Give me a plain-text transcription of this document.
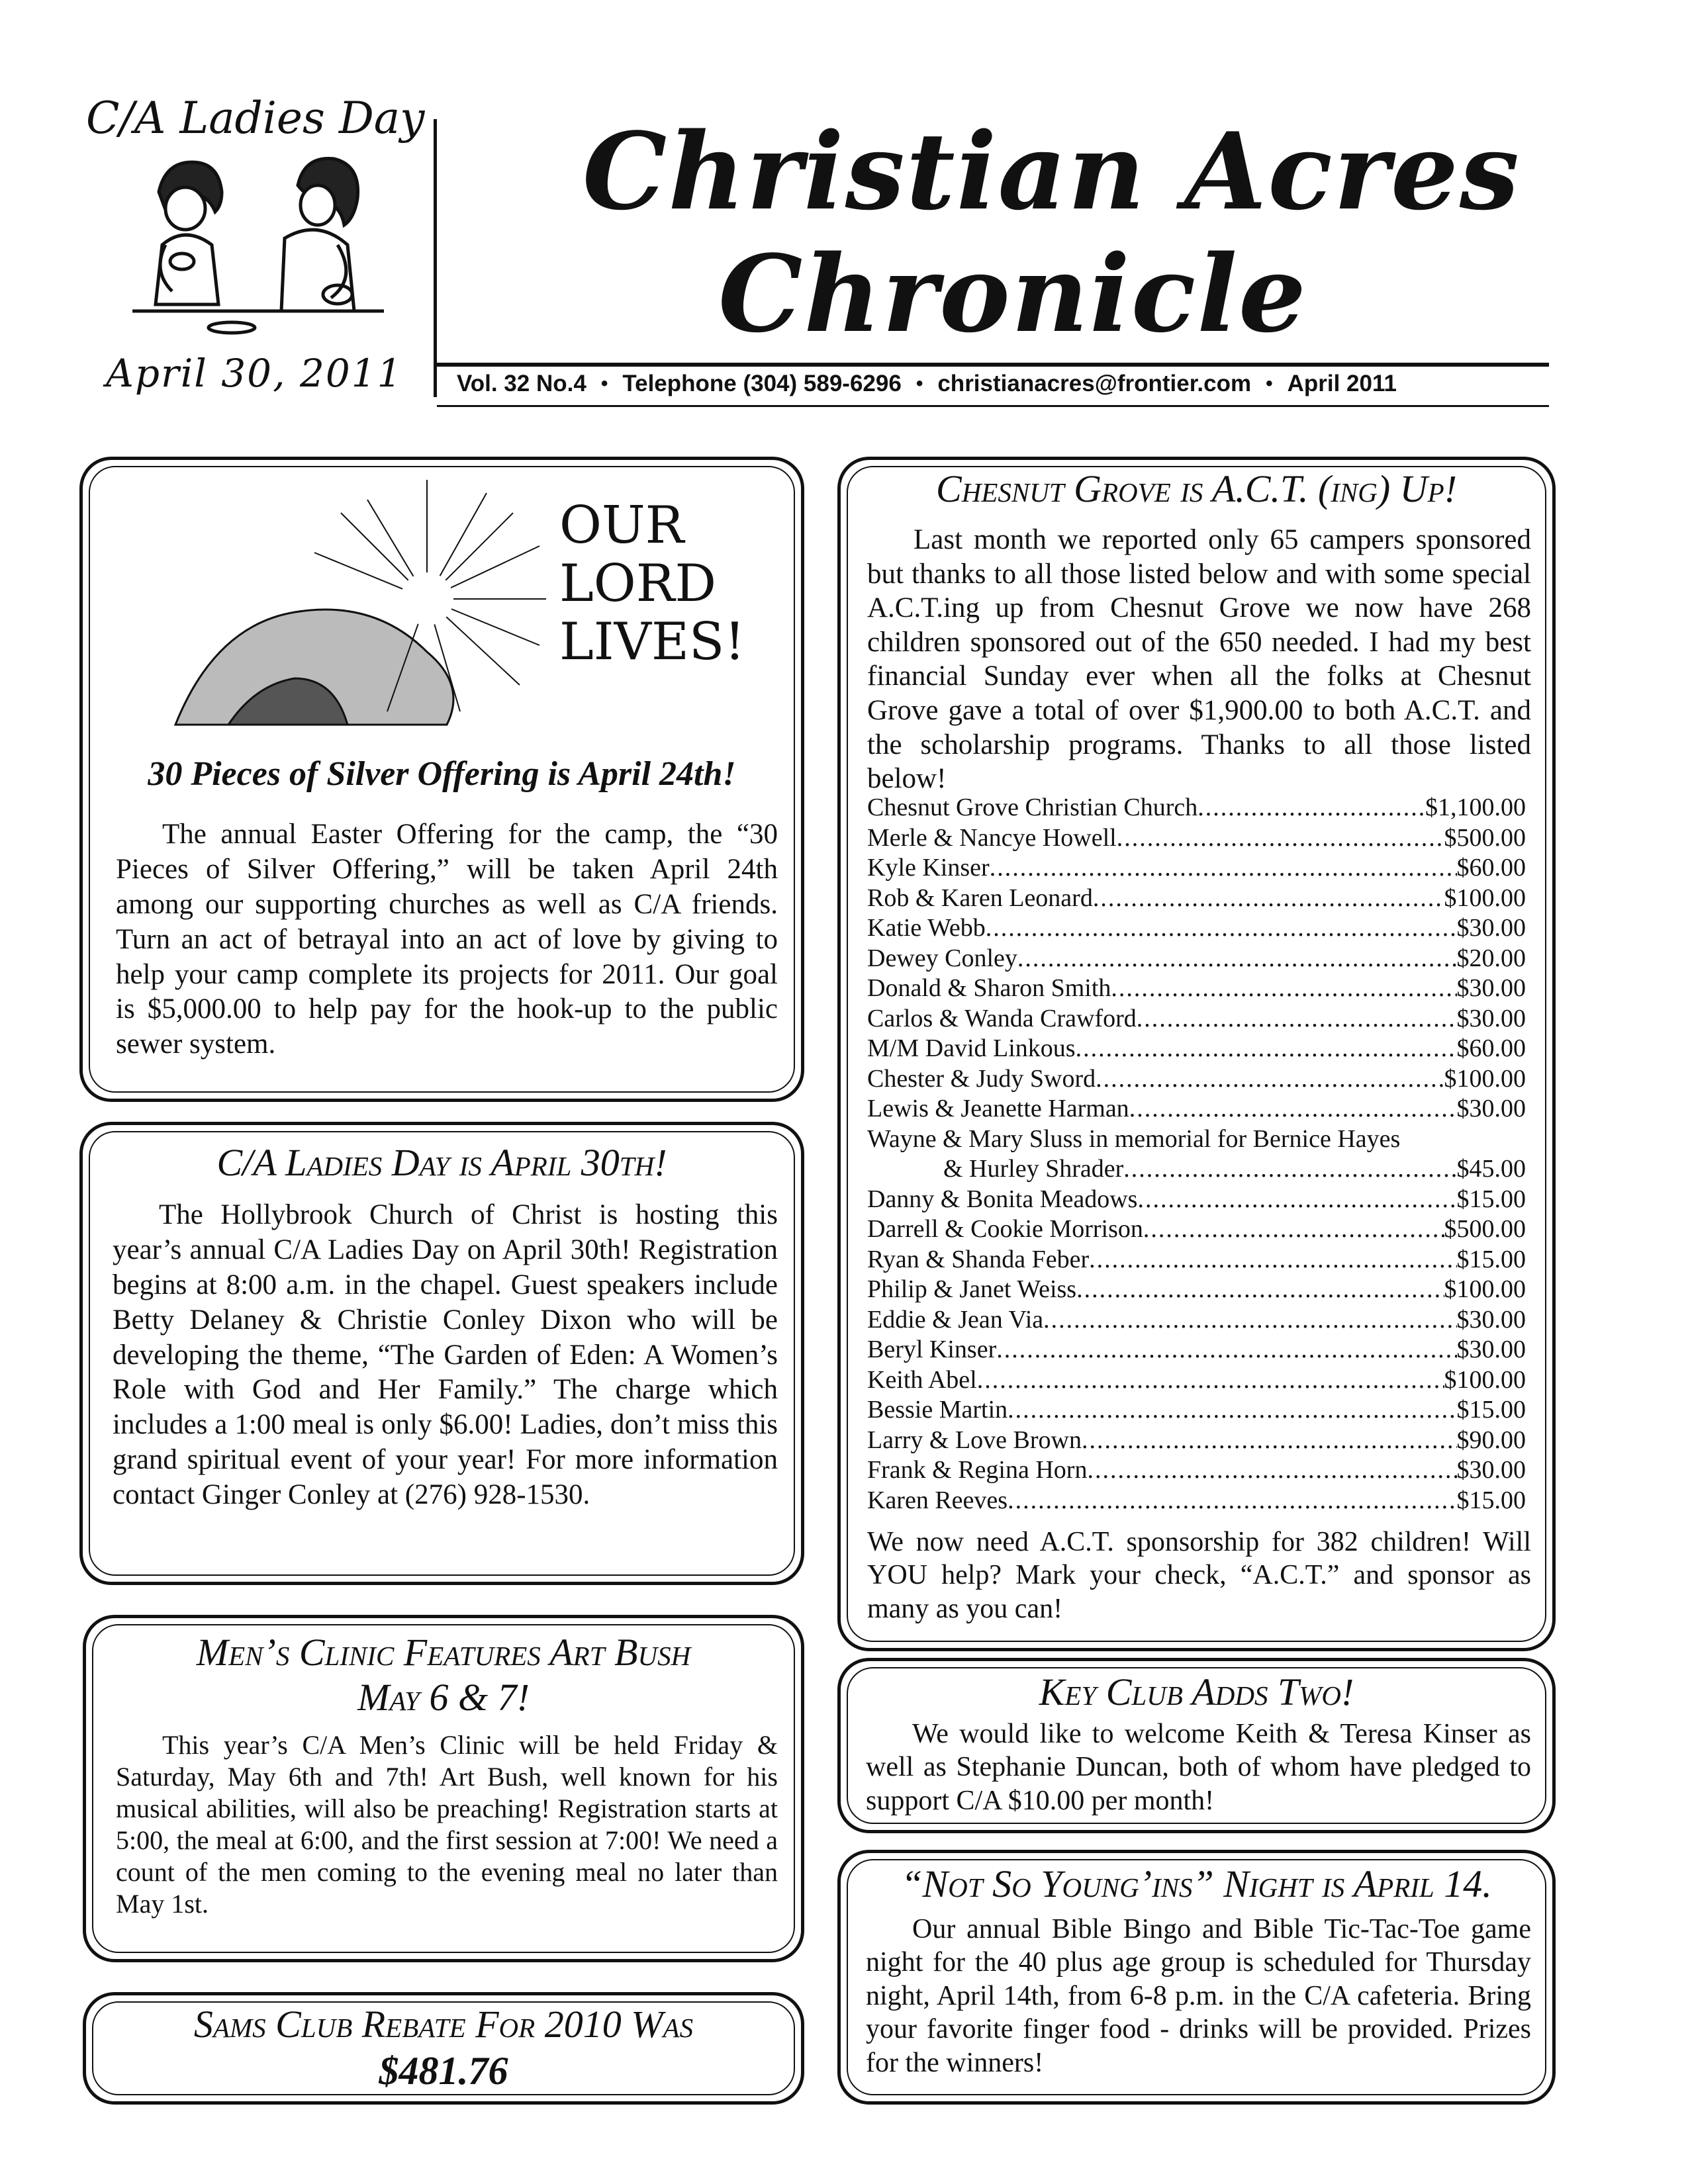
C/A Ladies Day
April 30, 2011
Christian Acres
Chronicle
Vol. 32 No.4 • Telephone (304) 589-6296 • christianacres@frontier.com • April 2011
OUR
LORD
LIVES!
30 Pieces of Silver Offering is April 24th!
The annual Easter Offering for the camp, the “30 Pieces of Silver Offering,” will be taken April 24th among our supporting churches as well as C/A friends. Turn an act of betrayal into an act of love by giving to help your camp complete its projects for 2011. Our goal is $5,000.00 to help pay for the hook-up to the public sewer system.
C/A Ladies Day is April 30th!
The Hollybrook Church of Christ is hosting this year’s annual C/A Ladies Day on April 30th! Registration begins at 8:00 a.m. in the chapel. Guest speakers include Betty Delaney & Christie Conley Dixon who will be developing the theme, “The Garden of Eden: A Women’s Role with God and Her Family.” The charge which includes a 1:00 meal is only $6.00! Ladies, don’t miss this grand spiritual event of your year! For more information contact Ginger Conley at (276) 928-1530.
Men’s Clinic Features Art Bush
May 6 & 7!
This year’s C/A Men’s Clinic will be held Friday & Saturday, May 6th and 7th! Art Bush, well known for his musical abilities, will also be preaching! Registration starts at 5:00, the meal at 6:00, and the first session at 7:00! We need a count of the men coming to the evening meal no later than May 1st.
Sams Club Rebate For 2010 Was
$481.76
Chesnut Grove is A.C.T. (ing) Up!
Last month we reported only 65 campers sponsored but thanks to all those listed below and with some special A.C.T.ing up from Chesnut Grove we now have 268 children sponsored out of the 650 needed. I had my best financial Sunday ever when all the folks at Chesnut Grove gave a total of over $1,900.00 to both A.C.T. and the scholarship programs. Thanks to all those listed below!
Chesnut Grove Christian Church .....	$1,100.00
Merle & Nancye Howell .....	$500.00
Kyle Kinser .....	$60.00
Rob & Karen Leonard .....	$100.00
Katie Webb .....	$30.00
Dewey Conley .....	$20.00
Donald & Sharon Smith .....	$30.00
Carlos & Wanda Crawford .....	$30.00
M/M David Linkous .....	$60.00
Chester & Judy Sword .....	$100.00
Lewis & Jeanette Harman .....	$30.00
Wayne & Mary Sluss in memorial for Bernice Hayes
& Hurley Shrader .....	$45.00
Danny & Bonita Meadows .....	$15.00
Darrell & Cookie Morrison .....	$500.00
Ryan & Shanda Feber .....	$15.00
Philip & Janet Weiss .....	$100.00
Eddie & Jean Via .....	$30.00
Beryl Kinser .....	$30.00
Keith Abel .....	$100.00
Bessie Martin .....	$15.00
Larry & Love Brown .....	$90.00
Frank & Regina Horn .....	$30.00
Karen Reeves .....	$15.00
We now need A.C.T. sponsorship for 382 children! Will YOU help? Mark your check, “A.C.T.” and sponsor as many as you can!
Key Club Adds Two!
We would like to welcome Keith & Teresa Kinser as well as Stephanie Duncan, both of whom have pledged to support C/A $10.00 per month!
“Not So Young’ins” Night is April 14.
Our annual Bible Bingo and Bible Tic-Tac-Toe game night for the 40 plus age group is scheduled for Thursday night, April 14th, from 6-8 p.m. in the C/A cafeteria. Bring your favorite finger food - drinks will be provided. Prizes for the winners!
